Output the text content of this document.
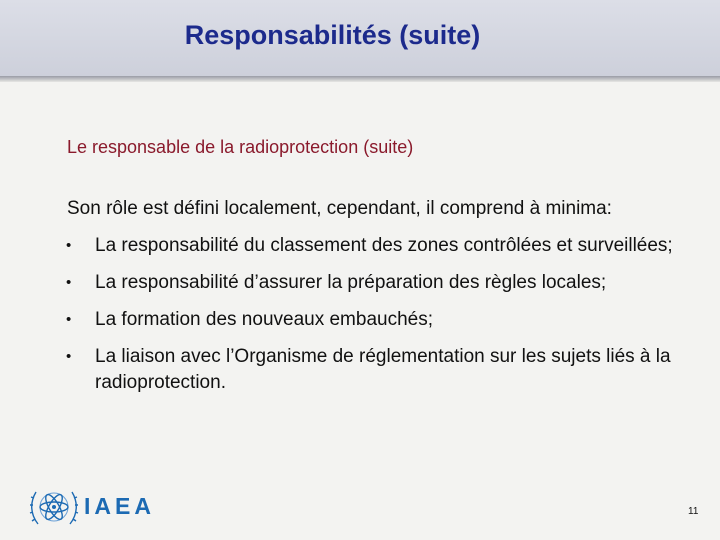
Responsabilités (suite)
Le responsable de la radioprotection (suite)
Son rôle est défini localement, cependant, il comprend à minima:
• La responsabilité du classement des zones contrôlées et surveillées;
• La responsabilité d’assurer la préparation des règles locales;
• La formation des nouveaux embauchés;
• La liaison avec l’Organisme de réglementation sur les sujets liés à la radioprotection.
IAEA	11
